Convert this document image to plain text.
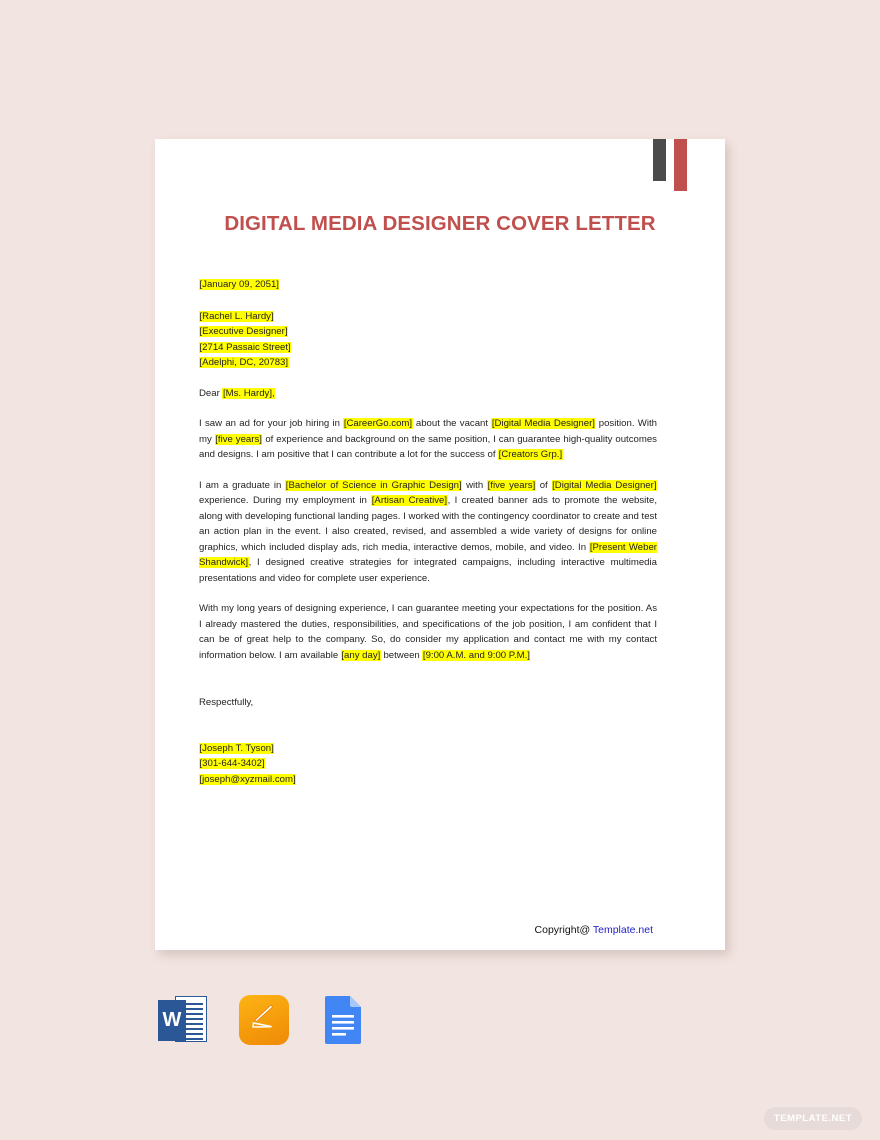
DIGITAL MEDIA DESIGNER COVER LETTER
[January 09, 2051]
[Rachel L. Hardy]
[Executive Designer]
[2714 Passaic Street]
[Adelphi, DC, 20783]
Dear [Ms. Hardy],

I saw an ad for your job hiring in [CareerGo.com] about the vacant [Digital Media Designer] position. With my [five years] of experience and background on the same position, I can guarantee high-quality outcomes and designs. I am positive that I can contribute a lot for the success of [Creators Grp.]

I am a graduate in [Bachelor of Science in Graphic Design] with [five years] of [Digital Media Designer] experience. During my employment in [Artisan Creative], I created banner ads to promote the website, along with developing functional landing pages. I worked with the contingency coordinator to create and test an action plan in the event. I also created, revised, and assembled a wide variety of designs for online graphics, which included display ads, rich media, interactive demos, mobile, and video. In [Present Weber Shandwick], I designed creative strategies for integrated campaigns, including interactive multimedia presentations and video for complete user experience.

With my long years of designing experience, I can guarantee meeting your expectations for the position. As I already mastered the duties, responsibilities, and specifications of the job position, I am confident that I can be of great help to the company. So, do consider my application and contact me with my contact information below. I am available [any day] between [9:00 A.M. and 9:00 P.M.]

Respectfully,
[Joseph T. Tyson]
[301-644-3402]
[joseph@xyzmail.com]
Copyright@ Template.net
W
TEMPLATE.NET
